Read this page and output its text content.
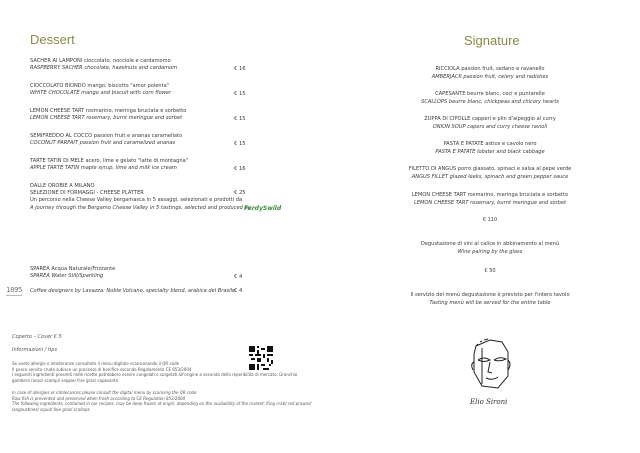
Dessert
SACHER AI LAMPONI cioccolato, nocciole e cardamomo
RASPBERRY SACHER chocolate, hazelnuts and cardamom	€ 16
CIOCCOLATO BIONDO mango, biscotto "amor polenta"
WHITE CHOCOLATE mango and biscuit with corn flower	€ 15
LEMON CHEESE TART rosmarino, meringa bruciata e sorbetto
LEMON CHEESE TART rosemary, burnt meringue and sorbet	€ 15
SEMIFREDDO AL COCCO passion fruit e ananas caramellato
COCONUT PARFAIT passion fruit and caramelized ananas	€ 15
TARTE TATIN DI MELE acero, lime e gelato "latte di montagna"
APPLE TARTE TATIN maple syrup, lime and milk ice cream	€ 16
DALLE OROBIE A MILANO
SELEZIONE DI FORMAGGI - CHEESE PLATTER
Un percorso nella Cheese Valley bergamasca in 5 assaggi, selezionati e prodotti da
A journey through the Bergamo Cheese Valley in 5 tastings, selected and produced by
€ 25
FerdySwild
SPAREA Acqua Naturale/Frizzante
SPAREA Water Still/Sparkling	€ 4
1895 Coffee designers by Lavazza: Noble Volcano, specialty blend, arabica del Brasile
€ 4
Coperto – Cover € 5
Informazioni / tips
Se avete allergie o intolleranze consultate il menu digitale scansionando il QR code
Il pesce servito crudo subisce un processo di bonifica secondo Regolamento CE 853/2004
I seguenti ingredienti presenti nelle ricette potrebbero essere congelati o surgelati all'origine a seconda della reperibilità di mercato: Granchio
gambero rosso/ scampi/ seppie/ frse gras/ capesante
In case of allergies or intolerances please consult the digital menu by scanning the QR code
Raw fish is prevented and preserved when fresh according to CE Regulation 853/2004
The following ingredients, contained in our recipes, may be deep frozen at origin, depending on the availability of the market: King crab/ red prawns/
langoustines/ squid/ foie gras/ scallops
Signature
RICCIOLA passion fruit, sedano e ravanello
AMBERJACK passion fruit, celery and radishes
CAPESANTE beurre blanc, ceci e puntarelle
SCALLOPS beurre blanc, chickpeas and chicory hearts
ZUPPA DI CIPOLLE capperi e plin d'alpeggio al curry
ONION SOUP capers and curry cheese ravioli
PASTA E PATATE astice e cavolo nero
PASTA E PATATE lobster and black cabbage
FILETTO DI ANGUS porro glassato, spinaci e salsa al pepe verde
ANGUS FILLET glazed leeks, spinach and green pepper sauce
LEMON CHEESE TART rosmarino, meringa bruciata e sorbetto
LEMON CHEESE TART rosemary, burnt meringue and sorbet
€ 110
Degustazione di vini al calice in abbinamento al menù
Wine pairing by the glass
€ 50
Il servizio del menù degustazione è previsto per l'intero tavolo
Tasting menù will be served for the entire table
Elio Sironi
